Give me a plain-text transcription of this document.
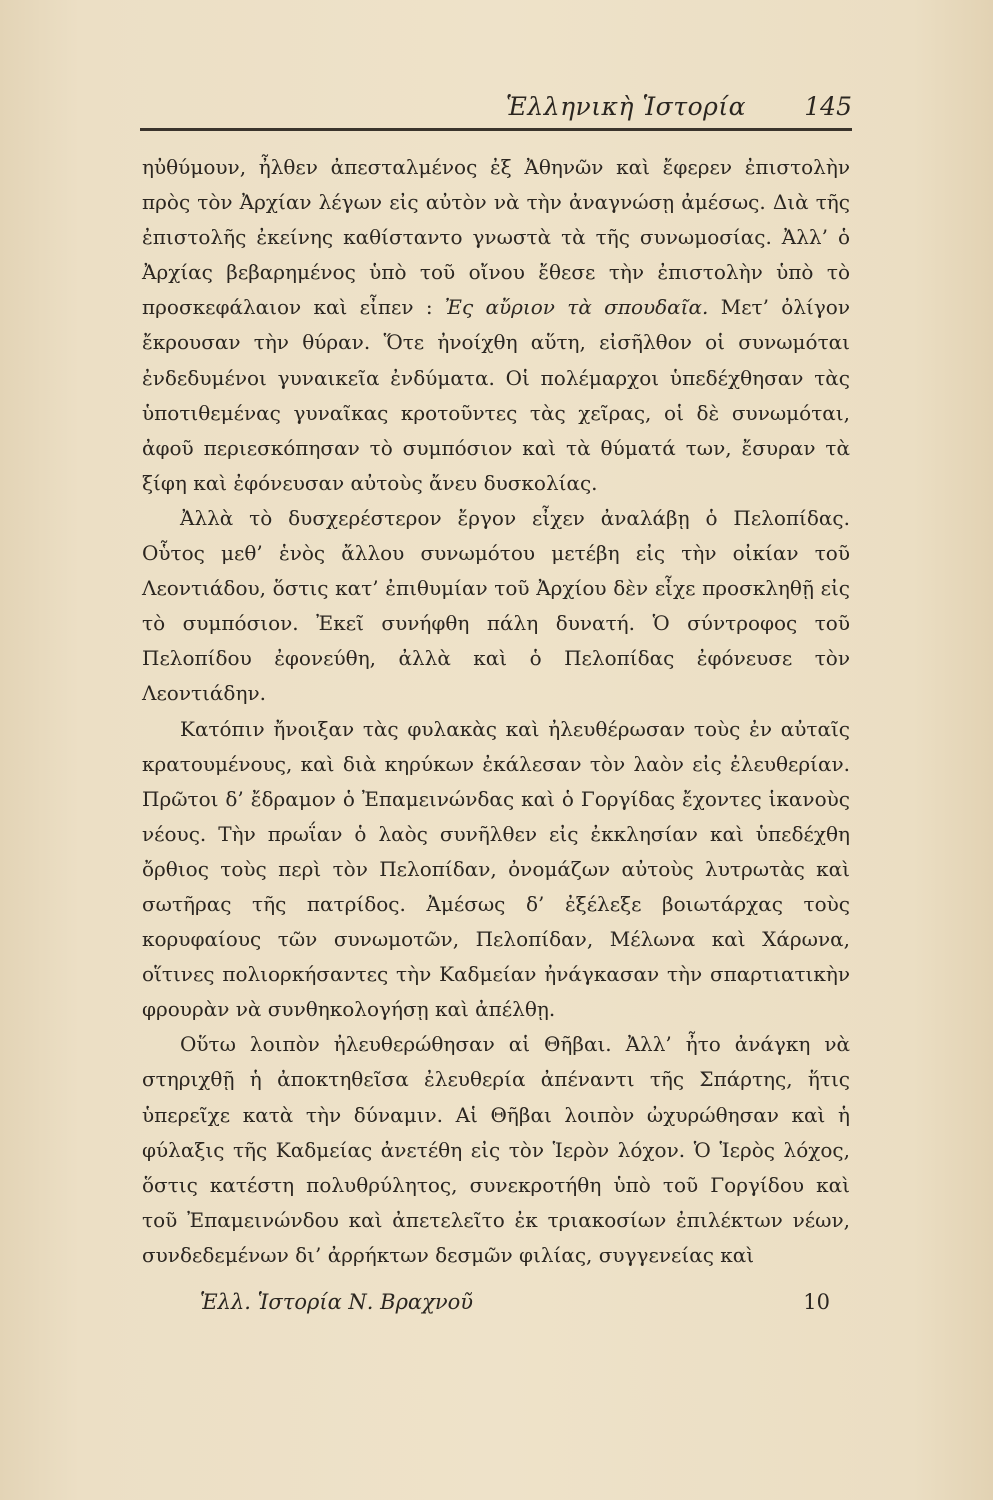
Ἑλληνικὴ Ἱστορία 145

ηὐθύμουν, ἦλθεν ἀπεσταλμένος ἐξ Ἀθηνῶν καὶ ἔφερεν ἐπιστολὴν πρὸς τὸν Ἀρχίαν λέγων εἰς αὐτὸν νὰ τὴν ἀναγνώσῃ ἀμέσως. Διὰ τῆς ἐπιστολῆς ἐκείνης καθίσταντο γνωστὰ τὰ τῆς συνωμοσίας. Ἀλλ’ ὁ Ἀρχίας βεβαρημένος ὑπὸ τοῦ οἴνου ἔθεσε τὴν ἐπιστολὴν ὑπὸ τὸ προσκεφάλαιον καὶ εἶπεν : Ἐς αὔριον τὰ σπουδαῖα. Μετ’ ὀλίγον ἔκρουσαν τὴν θύραν. Ὅτε ἠνοίχθη αὕτη, εἰσῆλθον οἱ συνωμόται ἐνδεδυμένοι γυναικεῖα ἐνδύματα. Οἱ πολέμαρχοι ὑπεδέχθησαν τὰς ὑποτιθεμένας γυναῖκας κροτοῦντες τὰς χεῖρας, οἱ δὲ συνωμόται, ἀφοῦ περιεσκόπησαν τὸ συμπόσιον καὶ τὰ θύματά των, ἔσυραν τὰ ξίφη καὶ ἐφόνευσαν αὐτοὺς ἄνευ δυσκολίας.

Ἀλλὰ τὸ δυσχερέστερον ἔργον εἶχεν ἀναλάβῃ ὁ Πελοπίδας. Οὗτος μεθ’ ἑνὸς ἄλλου συνωμότου μετέβη εἰς τὴν οἰκίαν τοῦ Λεοντιάδου, ὅστις κατ’ ἐπιθυμίαν τοῦ Ἀρχίου δὲν εἶχε προσκληθῇ εἰς τὸ συμπόσιον. Ἐκεῖ συνήφθη πάλη δυνατή. Ὁ σύντροφος τοῦ Πελοπίδου ἐφονεύθη, ἀλλὰ καὶ ὁ Πελοπίδας ἐφόνευσε τὸν Λεοντιάδην.

Κατόπιν ἤνοιξαν τὰς φυλακὰς καὶ ἠλευθέρωσαν τοὺς ἐν αὐταῖς κρατουμένους, καὶ διὰ κηρύκων ἐκάλεσαν τὸν λαὸν εἰς ἐλευθερίαν. Πρῶτοι δ’ ἔδραμον ὁ Ἐπαμεινώνδας καὶ ὁ Γοργίδας ἔχοντες ἱκανοὺς νέους. Τὴν πρωΐαν ὁ λαὸς συνῆλθεν εἰς ἐκκλησίαν καὶ ὑπεδέχθη ὄρθιος τοὺς περὶ τὸν Πελοπίδαν, ὀνομάζων αὐτοὺς λυτρωτὰς καὶ σωτῆρας τῆς πατρίδος. Ἀμέσως δ’ ἐξέλεξε βοιωτάρχας τοὺς κορυφαίους τῶν συνωμοτῶν, Πελοπίδαν, Μέλωνα καὶ Χάρωνα, οἵτινες πολιορκήσαντες τὴν Καδμείαν ἠνάγκασαν τὴν σπαρτιατικὴν φρουρὰν νὰ συνθηκολογήσῃ καὶ ἀπέλθῃ.

Οὕτω λοιπὸν ἠλευθερώθησαν αἱ Θῆβαι. Ἀλλ’ ἦτο ἀνάγκη νὰ στηριχθῇ ἡ ἀποκτηθεῖσα ἐλευθερία ἀπέναντι τῆς Σπάρτης, ἥτις ὑπερεῖχε κατὰ τὴν δύναμιν. Αἱ Θῆβαι λοιπὸν ὠχυρώθησαν καὶ ἡ φύλαξις τῆς Καδμείας ἀνετέθη εἰς τὸν Ἱερὸν λόχον. Ὁ Ἱερὸς λόχος, ὅστις κατέστη πολυθρύλητος, συνεκροτήθη ὑπὸ τοῦ Γοργίδου καὶ τοῦ Ἐπαμεινώνδου καὶ ἀπετελεῖτο ἐκ τριακοσίων ἐπιλέκτων νέων, συνδεδεμένων δι’ ἀρρήκτων δεσμῶν φιλίας, συγγενείας καὶ

Ἑλλ. Ἱστορία Ν. Βραχνοῦ	10
